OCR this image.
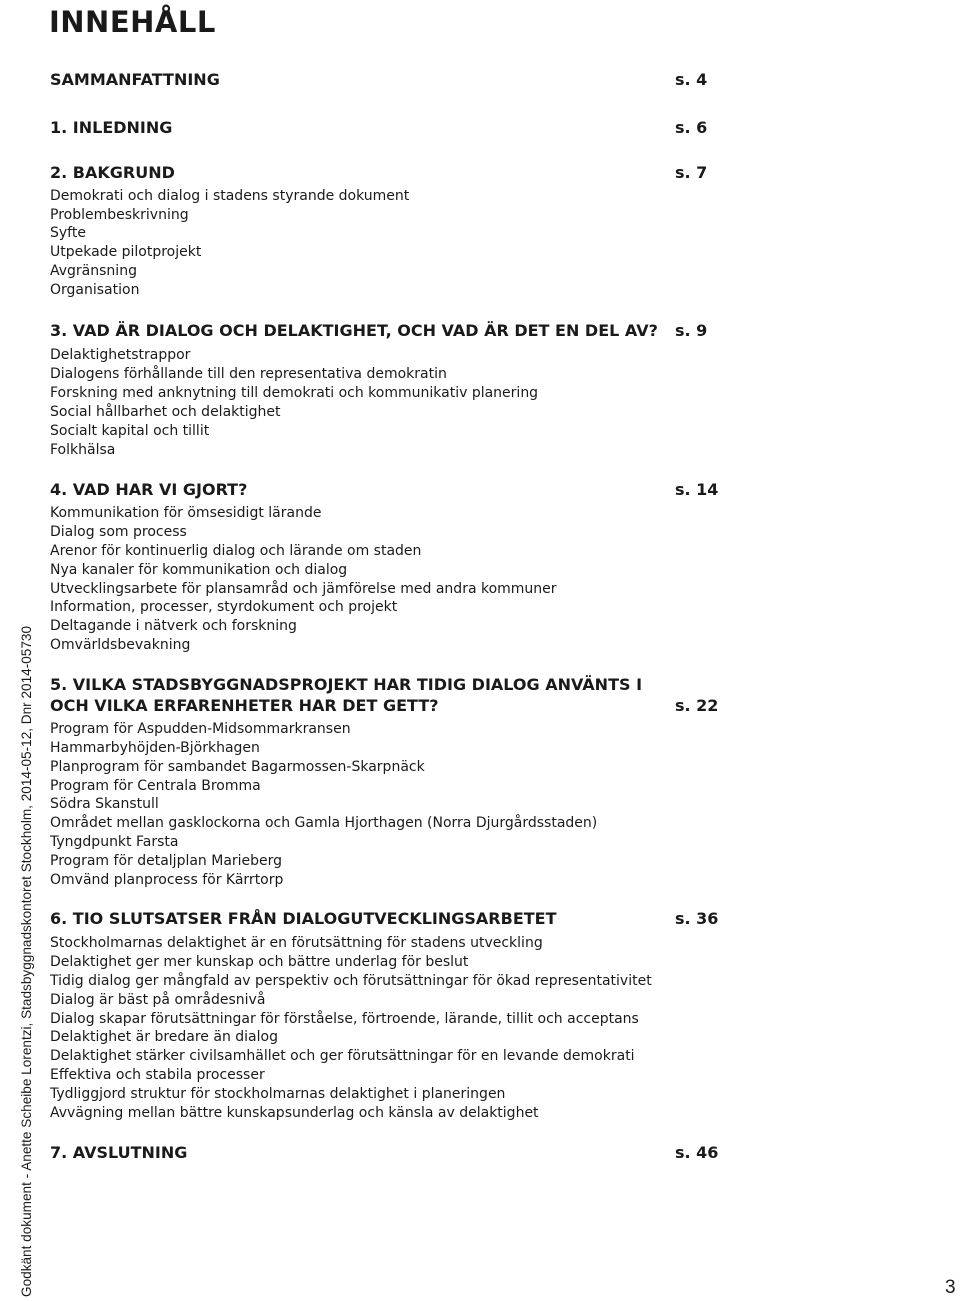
INNEHÅLL
SAMMANFATTNING	s. 4
1. INLEDNING	s. 6
2. BAKGRUND	s. 7
Demokrati och dialog i stadens styrande dokument
Problembeskrivning
Syfte
Utpekade pilotprojekt
Avgränsning
Organisation
3. VAD ÄR DIALOG OCH DELAKTIGHET, OCH VAD ÄR DET EN DEL AV? s. 9
Delaktighetstrappor
Dialogens förhållande till den representativa demokratin
Forskning med anknytning till demokrati och kommunikativ planering
Social hållbarhet och delaktighet
Socialt kapital och tillit
Folkhälsa
4. VAD HAR VI GJORT?	s. 14
Kommunikation för ömsesidigt lärande
Dialog som process
Arenor för kontinuerlig dialog och lärande om staden
Nya kanaler för kommunikation och dialog
Utvecklingsarbete för plansamråd och jämförelse med andra kommuner
Information, processer, styrdokument och projekt
Deltagande i nätverk och forskning
Omvärldsbevakning
5. VILKA STADSBYGGNADSPROJEKT HAR TIDIG DIALOG ANVÄNTS I
OCH VILKA ERFARENHETER HAR DET GETT?	s. 22
Program för Aspudden-Midsommarkransen
Hammarbyhöjden-Björkhagen
Planprogram för sambandet Bagarmossen-Skarpnäck
Program för Centrala Bromma
Södra Skanstull
Området mellan gasklockorna och Gamla Hjorthagen (Norra Djurgårdsstaden)
Tyngdpunkt Farsta
Program för detaljplan Marieberg
Omvänd planprocess för Kärrtorp
6. TIO SLUTSATSER FRÅN DIALOGUTVECKLINGSARBETET	s. 36
Stockholmarnas delaktighet är en förutsättning för stadens utveckling
Delaktighet ger mer kunskap och bättre underlag för beslut
Tidig dialog ger mångfald av perspektiv och förutsättningar för ökad representativitet
Dialog är bäst på områdesnivå
Dialog skapar förutsättningar för förståelse, förtroende, lärande, tillit och acceptans
Delaktighet är bredare än dialog
Delaktighet stärker civilsamhället och ger förutsättningar för en levande demokrati
Effektiva och stabila processer
Tydliggjord struktur för stockholmarnas delaktighet i planeringen
Avvägning mellan bättre kunskapsunderlag och känsla av delaktighet
7. AVSLUTNING	s. 46
Godkänt dokument - Anette Scheibe Lorentzi, Stadsbyggnadskontoret Stockholm, 2014-05-12, Dnr 2014-05730	3
